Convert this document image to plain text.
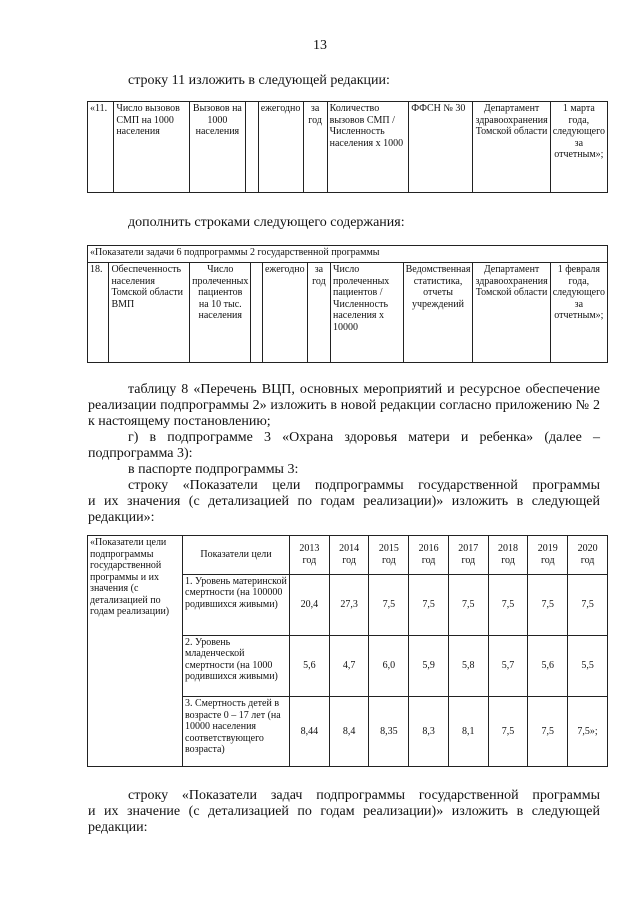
13
строку 11 изложить в следующей редакции:
«11.	Число вызовов СМП на 1000 населения	Вызовов на 1000 населения		ежегодно	за год	Количество вызовов СМП / Численность населения х 1000	ФФСН № 30	Департамент здравоохранения Томской области	1 марта года, следующего за отчетным»;
дополнить строками следующего содержания:
«Показатели задачи 6 подпрограммы 2 государственной программы
18.	Обеспеченность населения Томской области ВМП	Число пролеченных пациентов на 10 тыс. населения		ежегодно	за год	Число пролеченных пациентов / Численность населения х 10000	Ведомственная статистика, отчеты учреждений	Департамент здравоохранения Томской области	1 февраля года, следующего за отчетным»;
таблицу 8 «Перечень ВЦП, основных мероприятий и ресурсное обеспечение
реализации подпрограммы 2» изложить в новой редакции согласно приложению № 2
к настоящему постановлению;
г) в подпрограмме 3 «Охрана здоровья матери и ребенка» (далее –
подпрограмма 3):
в паспорте подпрограммы 3:
строку «Показатели цели подпрограммы государственной программы
и их значения (с детализацией по годам реализации)» изложить в следующей
редакции»:
«Показатели цели подпрограммы государственной программы и их значения (с детализацией по годам реализации)	Показатели цели	2013 год	2014 год	2015 год	2016 год	2017 год	2018 год	2019 год	2020 год
	1. Уровень материнской смертности (на 100000 родившихся живыми)	20,4	27,3	7,5	7,5	7,5	7,5	7,5	7,5
	2. Уровень младенческой смертности (на 1000 родившихся живыми)	5,6	4,7	6,0	5,9	5,8	5,7	5,6	5,5
	3. Смертность детей в возрасте 0 – 17 лет (на 10000 населения соответствующего возраста)	8,44	8,4	8,35	8,3	8,1	7,5	7,5	7,5»;
строку «Показатели задач подпрограммы государственной программы
и их значение (с детализацией по годам реализации)» изложить в следующей
редакции:
